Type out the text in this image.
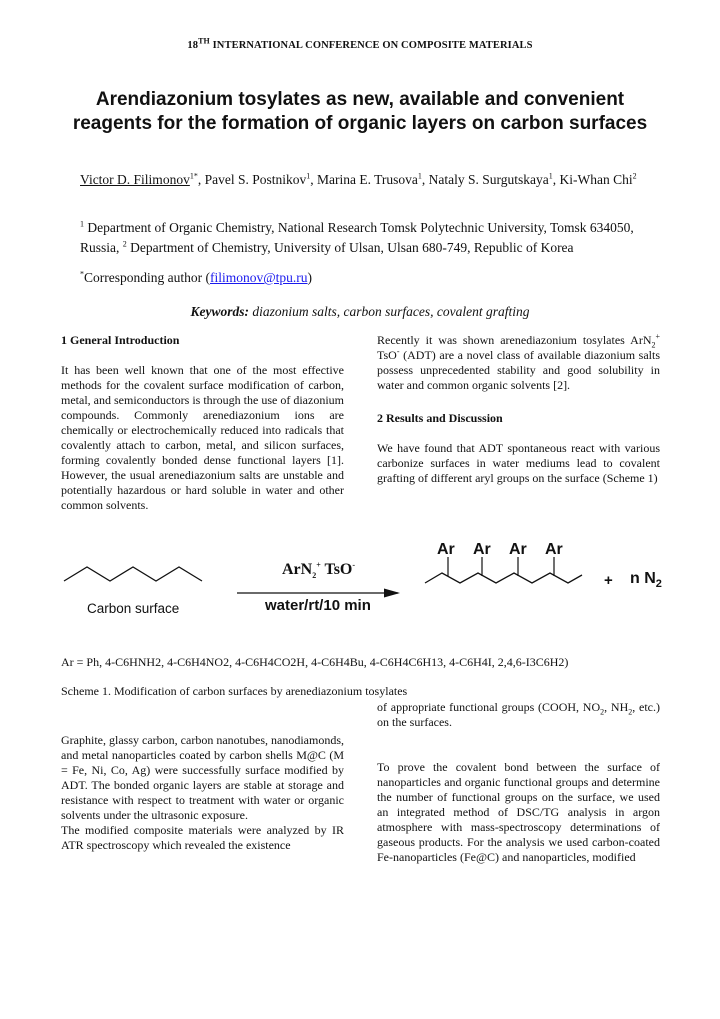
18TH INTERNATIONAL CONFERENCE ON COMPOSITE MATERIALS
Arendiazonium tosylates as new, available and convenient reagents for the formation of organic layers on carbon surfaces
Victor D. Filimonov$^{1*}$, Pavel S. Postnikov$^1$, Marina E. Trusova$^1$, Nataly S. Surgutskaya$^1$, Ki-Whan Chi$^2$
$^1$ Department of Organic Chemistry, National Research Tomsk Polytechnic University, Tomsk 634050, Russia, $^2$ Department of Chemistry, University of Ulsan, Ulsan 680-749, Republic of Korea
*Corresponding author (filimonov@tpu.ru)
Keywords: diazonium salts, carbon surfaces, covalent grafting

1 General Introduction

It has been well known that one of the most effective methods for the covalent surface modification of carbon, metal, and semiconductors is through the use of diazonium compounds. Commonly arenediazonium ions are chemically or electrochemically reduced into radicals that covalently attach to carbon, metal, and silicon surfaces, forming covalently bonded dense functional layers [1]. However, the usual arenediazonium salts are unstable and potentially hazardous or hard soluble in water and other common solvents.

Recently it was shown arenediazonium tosylates ArN$_2$+ TsO- (ADT) are a novel class of available diazonium salts possess unprecedented stability and good solubility in water and common organic solvents [2].

2 Results and Discussion

We have found that ADT spontaneous react with various carbonize surfaces in water mediums lead to covalent grafting of different aryl groups on the surface (Scheme 1)

Ar Ar Ar Ar
ArN$_2$+ TsO-
water/rt/10 min
+ n $N_2$
Carbon surface
Ar = Ph, 4-C6HNH2, 4-C6H4NO2, 4-C6H4CO2H, 4-C6H4Bu, 4-C6H4C6H13, 4-C6H4I, 2,4,6-I3C6H2)
Scheme 1. Modification of carbon surfaces by arenediazonium tosylates

of appropriate functional groups (COOH, $NO_2$, $NH_2$, etc.) on the surfaces.

To prove the covalent bond between the surface of nanoparticles and organic functional groups and determine the number of functional groups on the surface, we used an integrated method of DSC/TG analysis in argon atmosphere with mass-spectroscopy determinations of gaseous products. For the analysis we used carbon-coated Fe-nanoparticles (Fe@C) and nanoparticles, modified

Graphite, glassy carbon, carbon nanotubes, nanodiamonds, and metal nanoparticles coated by carbon shells M@C (M = Fe, Ni, Co, Ag) were successfully surface modified by ADT. The bonded organic layers are stable at storage and resistance with respect to treatment with water or organic solvents under the ultrasonic exposure.

The modified composite materials were analyzed by IR ATR spectroscopy which revealed the existence
